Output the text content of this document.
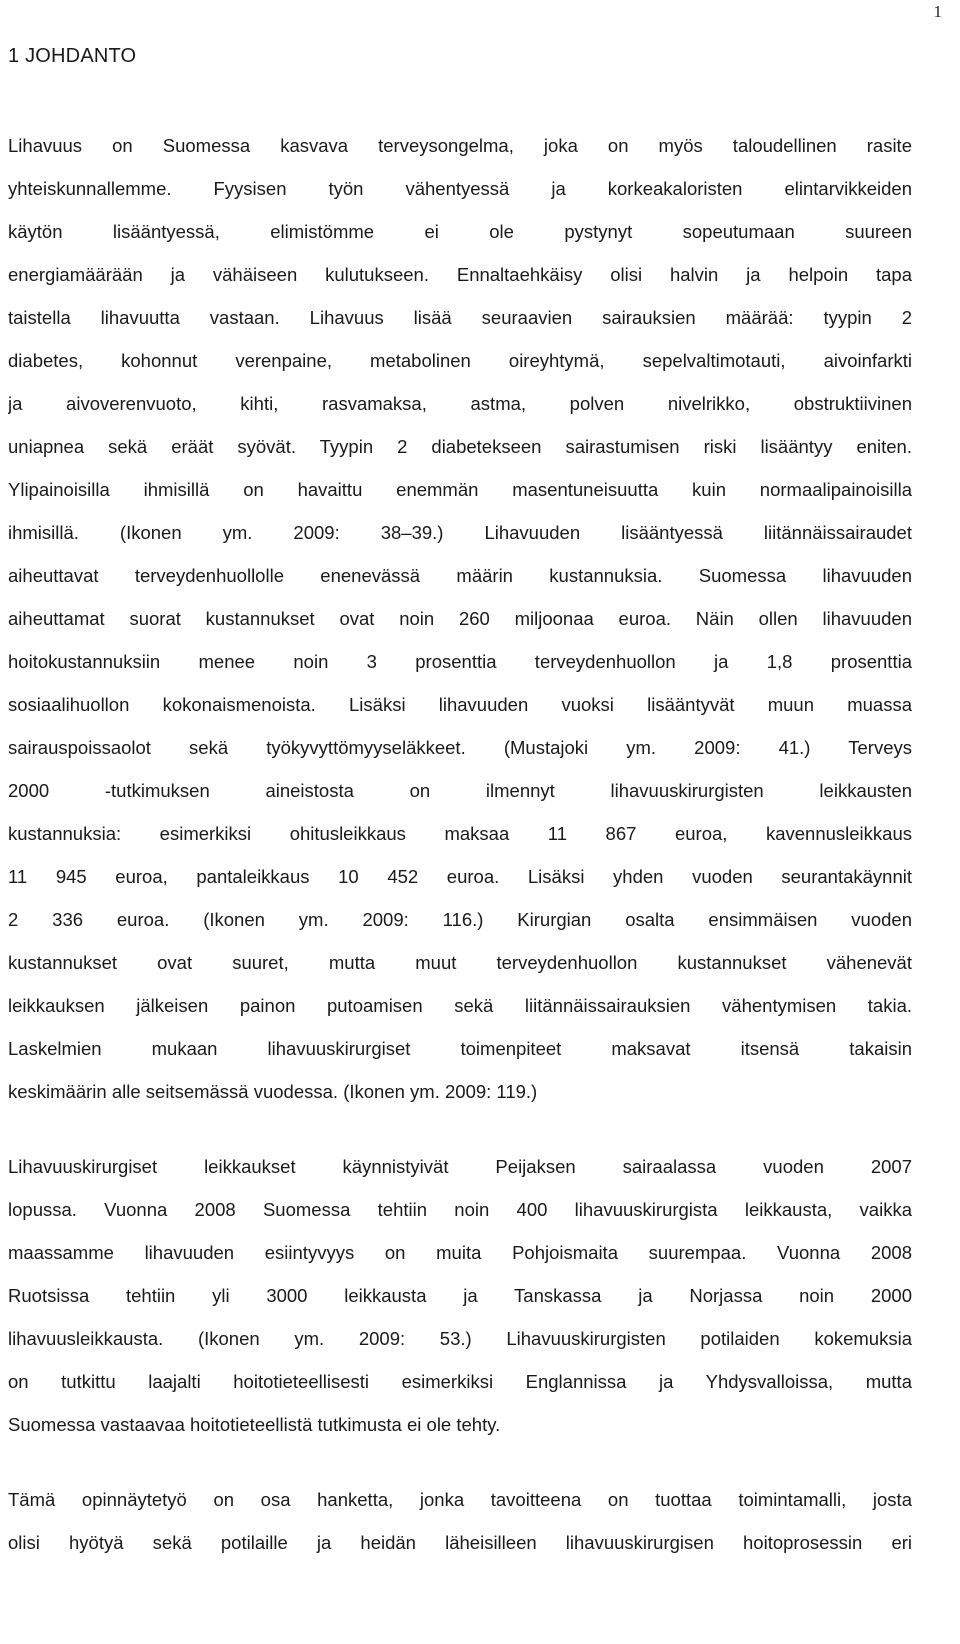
1
1 JOHDANTO
Lihavuus on Suomessa kasvava terveysongelma, joka on myös taloudellinen rasite
yhteiskunnallemme. Fyysisen työn vähentyessä ja korkeakaloristen elintarvikkeiden
käytön lisääntyessä, elimistömme ei ole pystynyt sopeutumaan suureen
energiamäärään ja vähäiseen kulutukseen. Ennaltaehkäisy olisi halvin ja helpoin tapa
taistella lihavuutta vastaan. Lihavuus lisää seuraavien sairauksien määrää: tyypin 2
diabetes, kohonnut verenpaine, metabolinen oireyhtymä, sepelvaltimotauti, aivoinfarkti
ja aivoverenvuoto, kihti, rasvamaksa, astma, polven nivelrikko, obstruktiivinen
uniapnea sekä eräät syövät. Tyypin 2 diabetekseen sairastumisen riski lisääntyy eniten.
Ylipainoisilla ihmisillä on havaittu enemmän masentuneisuutta kuin normaalipainoisilla
ihmisillä. (Ikonen ym. 2009: 38–39.) Lihavuuden lisääntyessä liitännäissairaudet
aiheuttavat terveydenhuollolle enenevässä määrin kustannuksia. Suomessa lihavuuden
aiheuttamat suorat kustannukset ovat noin 260 miljoonaa euroa. Näin ollen lihavuuden
hoitokustannuksiin menee noin 3 prosenttia terveydenhuollon ja 1,8 prosenttia
sosiaalihuollon kokonaismenoista. Lisäksi lihavuuden vuoksi lisääntyvät muun muassa
sairauspoissaolot sekä työkyvyttömyyseläkkeet. (Mustajoki ym. 2009: 41.) Terveys
2000 -tutkimuksen aineistosta on ilmennyt lihavuuskirurgisten leikkausten
kustannuksia: esimerkiksi ohitusleikkaus maksaa 11 867 euroa, kavennusleikkaus
11 945 euroa, pantaleikkaus 10 452 euroa. Lisäksi yhden vuoden seurantakäynnit
2 336 euroa. (Ikonen ym. 2009: 116.) Kirurgian osalta ensimmäisen vuoden
kustannukset ovat suuret, mutta muut terveydenhuollon kustannukset vähenevät
leikkauksen jälkeisen painon putoamisen sekä liitännäissairauksien vähentymisen takia.
Laskelmien mukaan lihavuuskirurgiset toimenpiteet maksavat itsensä takaisin
keskimäärin alle seitsemässä vuodessa. (Ikonen ym. 2009: 119.)
Lihavuuskirurgiset leikkaukset käynnistyivät Peijaksen sairaalassa vuoden 2007
lopussa. Vuonna 2008 Suomessa tehtiin noin 400 lihavuuskirurgista leikkausta, vaikka
maassamme lihavuuden esiintyvyys on muita Pohjoismaita suurempaa. Vuonna 2008
Ruotsissa tehtiin yli 3000 leikkausta ja Tanskassa ja Norjassa noin 2000
lihavuusleikkausta. (Ikonen ym. 2009: 53.) Lihavuuskirurgisten potilaiden kokemuksia
on tutkittu laajalti hoitotieteellisesti esimerkiksi Englannissa ja Yhdysvalloissa, mutta
Suomessa vastaavaa hoitotieteellistä tutkimusta ei ole tehty.
Tämä opinnäytetyö on osa hanketta, jonka tavoitteena on tuottaa toimintamalli, josta
olisi hyötyä sekä potilaille ja heidän läheisilleen lihavuuskirurgisen hoitoprosessin eri
